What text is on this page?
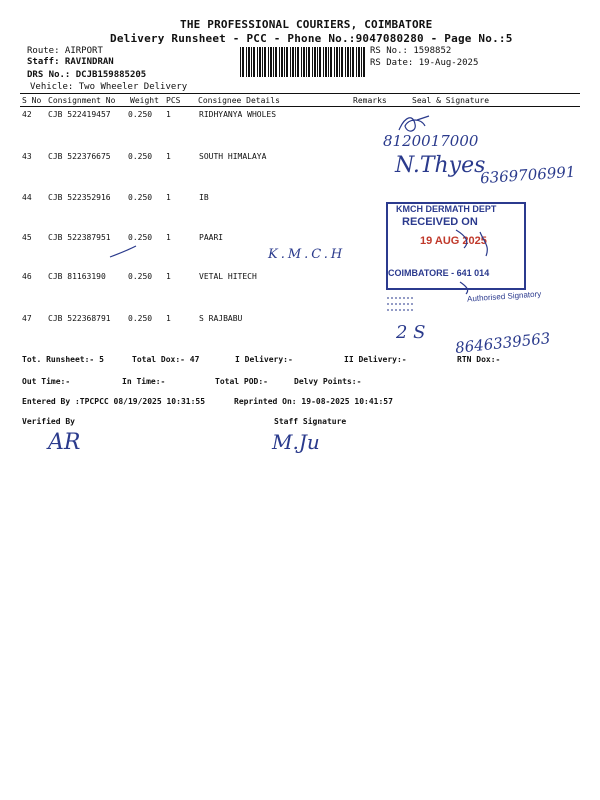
THE PROFESSIONAL COURIERS, COIMBATORE
Delivery Runsheet - PCC - Phone No.:9047080280 - Page No.:5
Route: AIRPORT
Staff: RAVINDRAN
DRS No.: DCJB159885205
Vehicle: Two Wheeler Delivery
RS No.: 1598852
RS Date: 19-Aug-2025
S No Consignment No Weight PCS Consignee Details	Remarks	Seal & Signature
42 CJB 522419457 0.250 1	RIDHYANYA WHOLES
43 CJB 522376675 0.250 1	SOUTH HIMALAYA
44 CJB 522352916 0.250 1	IB
45 CJB 522387951 0.250 1	PAARI
46 CJB 81163190	0.250 1	VETAL HITECH
47 CJB 522368791 0.250 1	S RAJBABU
8120017000
N.Thyes
6369706991
K.M.C.H
KMCH DERMATH DEPT
RECEIVED ON
19 AUG 2025
COIMBATORE - 641 014
Authorised Signatory
2 S 8646339563
Tot. Runsheet:- 5	Total Dox:- 47	I Delivery:-	II Delivery:-	RTN Dox:-
Out Time:-	In Time:-	Total POD:-	Delvy Points:-
Entered By :TPCPCC 08/19/2025 10:31:55	Reprinted On: 19-08-2025 10:41:57
Verified By	Staff Signature
AR	M.Ju
